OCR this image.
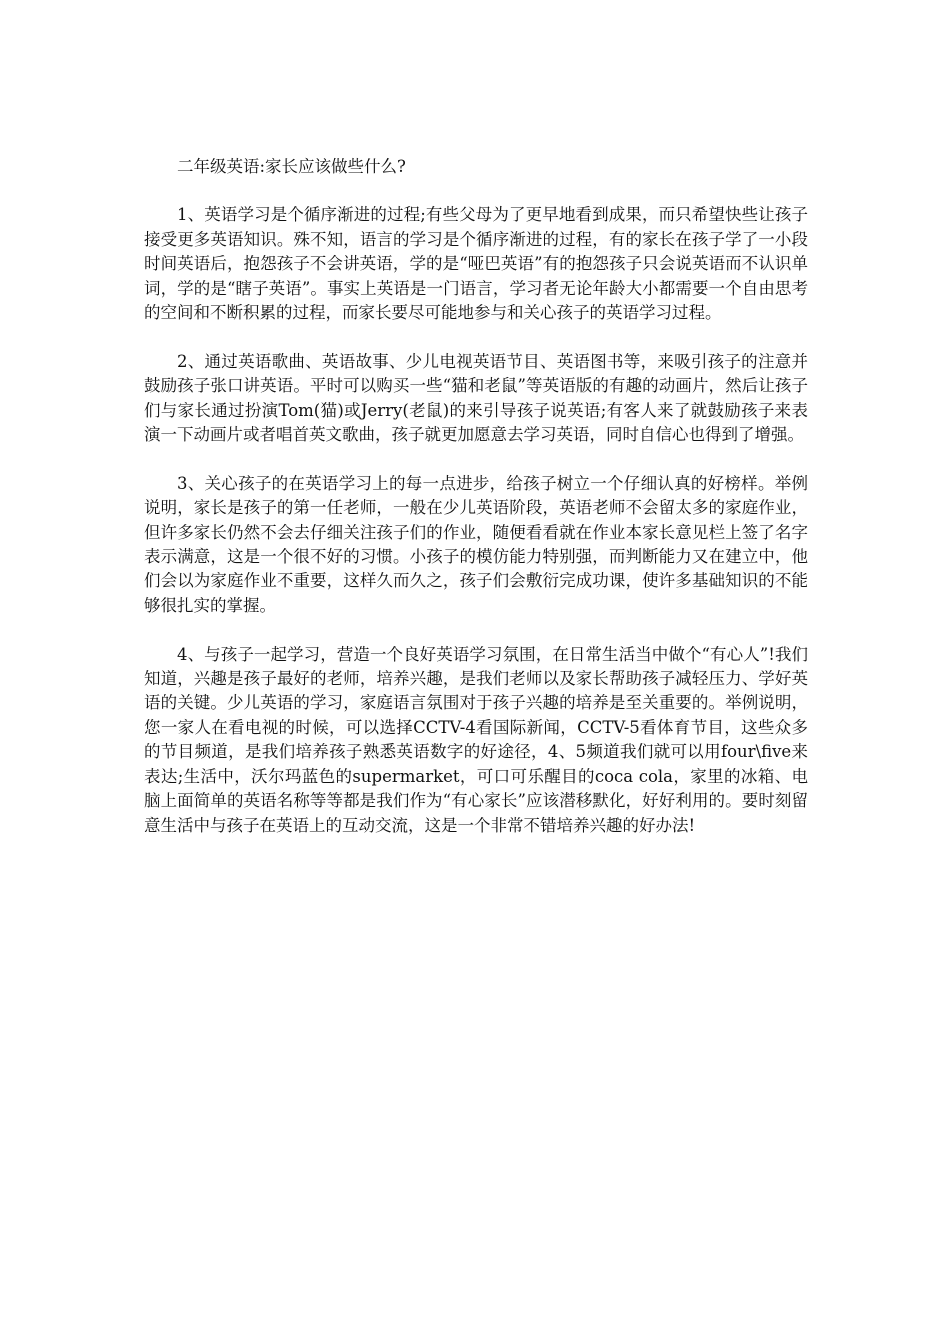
二年级英语:家长应该做些什么?

1、英语学习是个循序渐进的过程;有些父母为了更早地看到成果，而只希望快些让孩子接受更多英语知识。殊不知，语言的学习是个循序渐进的过程，有的家长在孩子学了一小段时间英语后，抱怨孩子不会讲英语，学的是“哑巴英语”有的抱怨孩子只会说英语而不认识单词，学的是“瞎子英语”。事实上英语是一门语言，学习者无论年龄大小都需要一个自由思考的空间和不断积累的过程，而家长要尽可能地参与和关心孩子的英语学习过程。

2、通过英语歌曲、英语故事、少儿电视英语节目、英语图书等，来吸引孩子的注意并鼓励孩子张口讲英语。平时可以购买一些“猫和老鼠”等英语版的有趣的动画片，然后让孩子们与家长通过扮演Tom(猫)或Jerry(老鼠)的来引导孩子说英语;有客人来了就鼓励孩子来表演一下动画片或者唱首英文歌曲，孩子就更加愿意去学习英语，同时自信心也得到了增强。

3、关心孩子的在英语学习上的每一点进步，给孩子树立一个仔细认真的好榜样。举例说明，家长是孩子的第一任老师，一般在少儿英语阶段，英语老师不会留太多的家庭作业，但许多家长仍然不会去仔细关注孩子们的作业，随便看看就在作业本家长意见栏上签了名字表示满意，这是一个很不好的习惯。小孩子的模仿能力特别强，而判断能力又在建立中，他们会以为家庭作业不重要，这样久而久之，孩子们会敷衍完成功课，使许多基础知识的不能够很扎实的掌握。

4、与孩子一起学习，营造一个良好英语学习氛围，在日常生活当中做个“有心人”!我们知道，兴趣是孩子最好的老师，培养兴趣，是我们老师以及家长帮助孩子减轻压力、学好英语的关键。少儿英语的学习，家庭语言氛围对于孩子兴趣的培养是至关重要的。举例说明，您一家人在看电视的时候，可以选择CCTV-4看国际新闻，CCTV-5看体育节目，这些众多的节目频道，是我们培养孩子熟悉英语数字的好途径，4、5频道我们就可以用four\five来表达;生活中，沃尔玛蓝色的supermarket，可口可乐醒目的coca cola，家里的冰箱、电脑上面简单的英语名称等等都是我们作为“有心家长”应该潜移默化，好好利用的。要时刻留意生活中与孩子在英语上的互动交流，这是一个非常不错培养兴趣的好办法!
